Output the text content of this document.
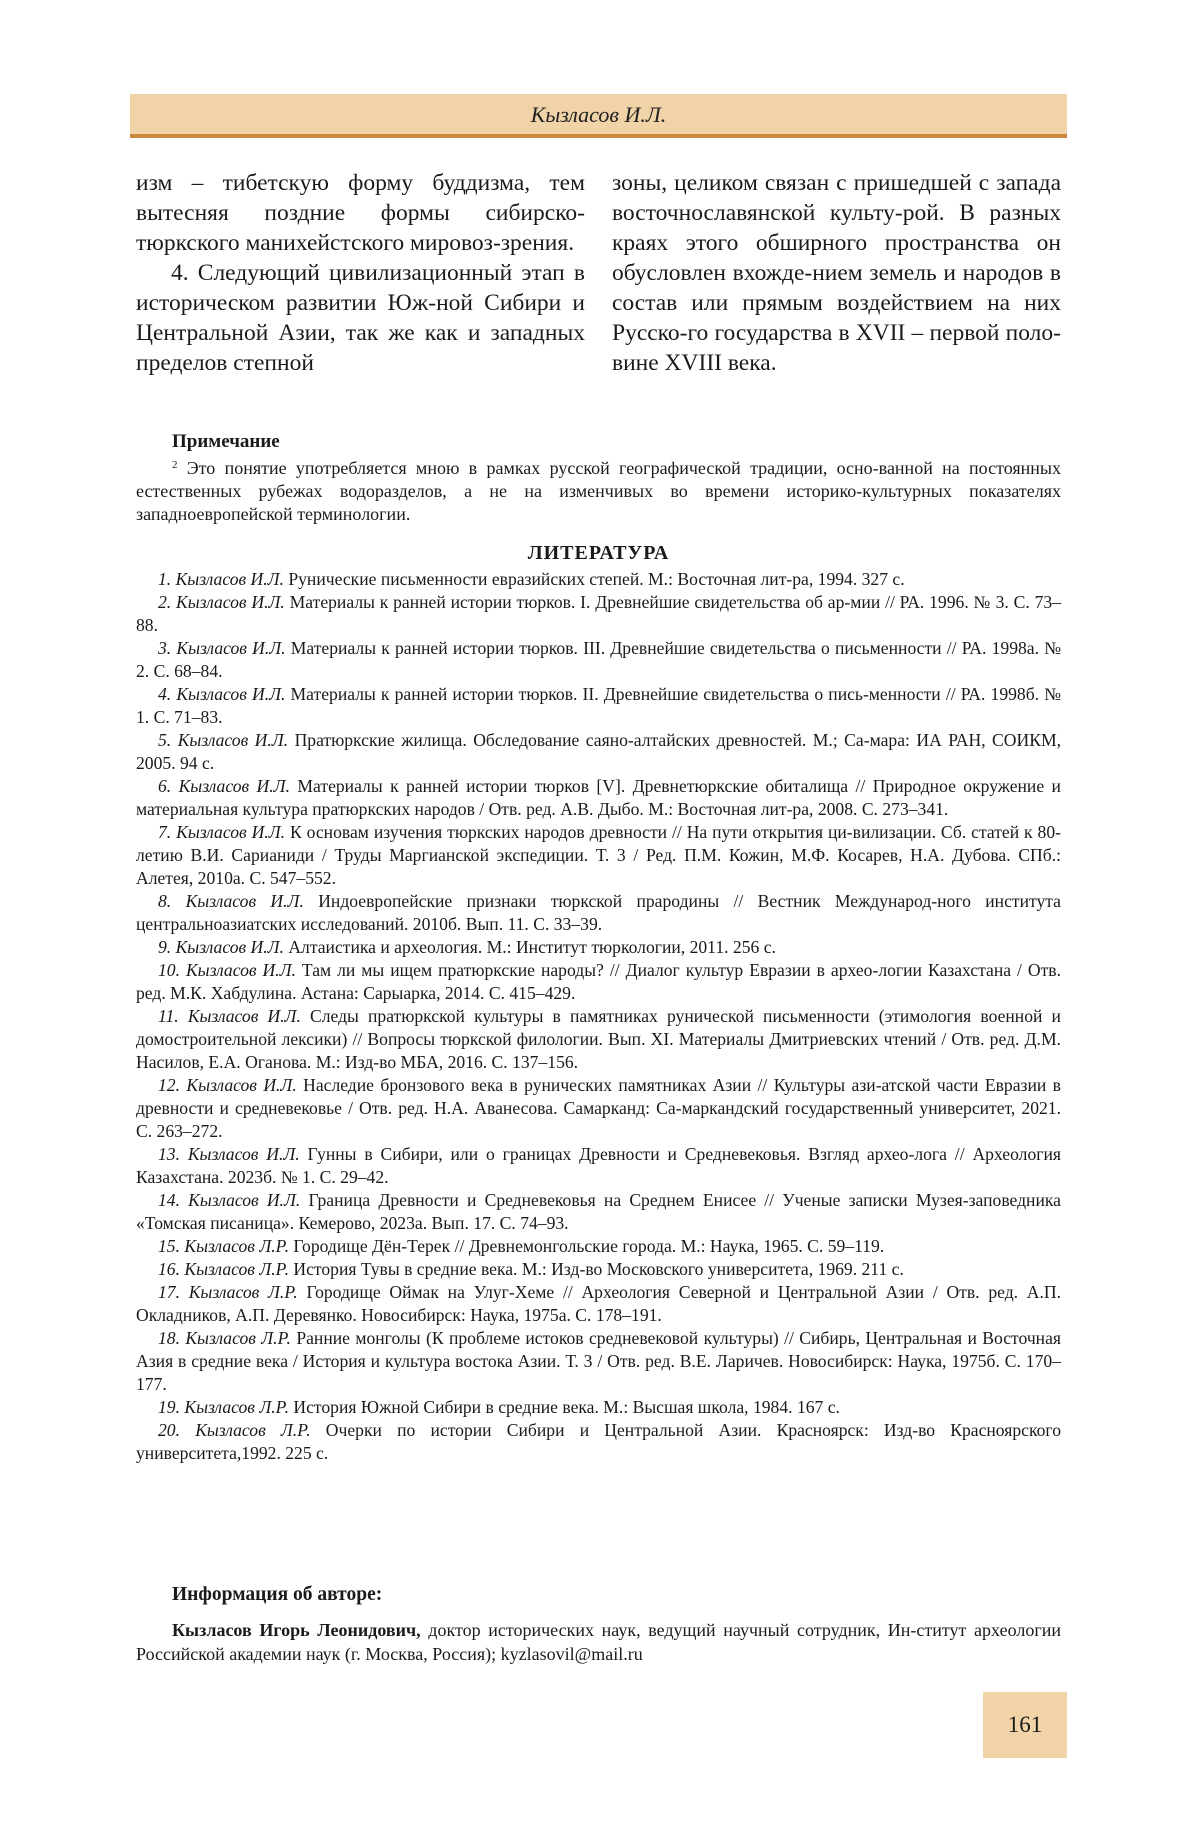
Кызласов И.Л.

изм – тибетскую форму буддизма, тем вытесняя поздние формы сибирско-тюркского манихейстского мировоз-зрения.

4. Следующий цивилизационный этап в историческом развитии Юж-ной Сибири и Центральной Азии, так же как и западных пределов степной

зоны, целиком связан с пришедшей с запада восточнославянской культу-рой. В разных краях этого обширного пространства он обусловлен вхожде-нием земель и народов в состав или прямым воздействием на них Русско-го государства в XVII – первой поло-вине XVIII века.

Примечание
$^2$ Это понятие употребляется мною в рамках русской географической традиции, осно-ванной на постоянных естественных рубежах водоразделов, а не на изменчивых во времени историко-культурных показателях западноевропейской терминологии.
ЛИТЕРАТУРА

1. Кызласов И.Л. Рунические письменности евразийских степей. М.: Восточная лит-ра, 1994. 327 с.

2. Кызласов И.Л. Материалы к ранней истории тюрков. I. Древнейшие свидетельства об ар-мии // РА. 1996. № 3. С. 73–88.

3. Кызласов И.Л. Материалы к ранней истории тюрков. III. Древнейшие свидетельства о письменности // РА. 1998а. № 2. С. 68–84.

4. Кызласов И.Л. Материалы к ранней истории тюрков. II. Древнейшие свидетельства о пись-менности // РА. 1998б. № 1. С. 71–83.

5. Кызласов И.Л. Пратюркские жилища. Обследование саяно-алтайских древностей. М.; Са-мара: ИА РАН, СОИКМ, 2005. 94 с.

6. Кызласов И.Л. Материалы к ранней истории тюрков [V]. Древнетюркские обиталища // Природное окружение и материальная культура пратюркских народов / Отв. ред. А.В. Дыбо. М.: Восточная лит-ра, 2008. С. 273–341.

7. Кызласов И.Л. К основам изучения тюркских народов древности // На пути открытия ци-вилизации. Сб. статей к 80-летию В.И. Сарианиди / Труды Маргианской экспедиции. Т. 3 / Ред. П.М. Кожин, М.Ф. Косарев, Н.А. Дубова. СПб.: Алетея, 2010а. С. 547–552.

8. Кызласов И.Л. Индоевропейские признаки тюркской прародины // Вестник Международ-ного института центральноазиатских исследований. 2010б. Вып. 11. С. 33–39.

9. Кызласов И.Л. Алтаистика и археология. М.: Институт тюркологии, 2011. 256 с.

10. Кызласов И.Л. Там ли мы ищем пратюркские народы? // Диалог культур Евразии в архео-логии Казахстана / Отв. ред. М.К. Хабдулина. Астана: Сарыарка, 2014. С. 415–429.

11. Кызласов И.Л. Следы пратюркской культуры в памятниках рунической письменности (этимология военной и домостроительной лексики) // Вопросы тюркской филологии. Вып. XI. Материалы Дмитриевских чтений / Отв. ред. Д.М. Насилов, Е.А. Оганова. М.: Изд-во МБА, 2016. С. 137–156.

12. Кызласов И.Л. Наследие бронзового века в рунических памятниках Азии // Культуры ази-атской части Евразии в древности и средневековье / Отв. ред. Н.А. Аванесова. Самарканд: Са-маркандский государственный университет, 2021. С. 263–272.

13. Кызласов И.Л. Гунны в Сибири, или о границах Древности и Средневековья. Взгляд архео-лога // Археология Казахстана. 2023б. № 1. С. 29–42.

14. Кызласов И.Л. Граница Древности и Средневековья на Среднем Енисее // Ученые записки Музея-заповедника «Томская писаница». Кемерово, 2023а. Вып. 17. С. 74–93.

15. Кызласов Л.Р. Городище Дён-Терек // Древнемонгольские города. М.: Наука, 1965. С. 59–119.

16. Кызласов Л.Р. История Тувы в средние века. М.: Изд-во Московского университета, 1969. 211 с.

17. Кызласов Л.Р. Городище Оймак на Улуг-Хеме // Археология Северной и Центральной Азии / Отв. ред. А.П. Окладников, А.П. Деревянко. Новосибирск: Наука, 1975а. С. 178–191.

18. Кызласов Л.Р. Ранние монголы (К проблеме истоков средневековой культуры) // Сибирь, Центральная и Восточная Азия в средние века / История и культура востока Азии. Т. 3 / Отв. ред. В.Е. Ларичев. Новосибирск: Наука, 1975б. С. 170–177.

19. Кызласов Л.Р. История Южной Сибири в средние века. М.: Высшая школа, 1984. 167 с.

20. Кызласов Л.Р. Очерки по истории Сибири и Центральной Азии. Красноярск: Изд-во Красноярского университета,1992. 225 с.

Информация об авторе:
Кызласов Игорь Леонидович, доктор исторических наук, ведущий научный сотрудник, Ин-ститут археологии Российской академии наук (г. Москва, Россия); kyzlasovil@mail.ru
161
